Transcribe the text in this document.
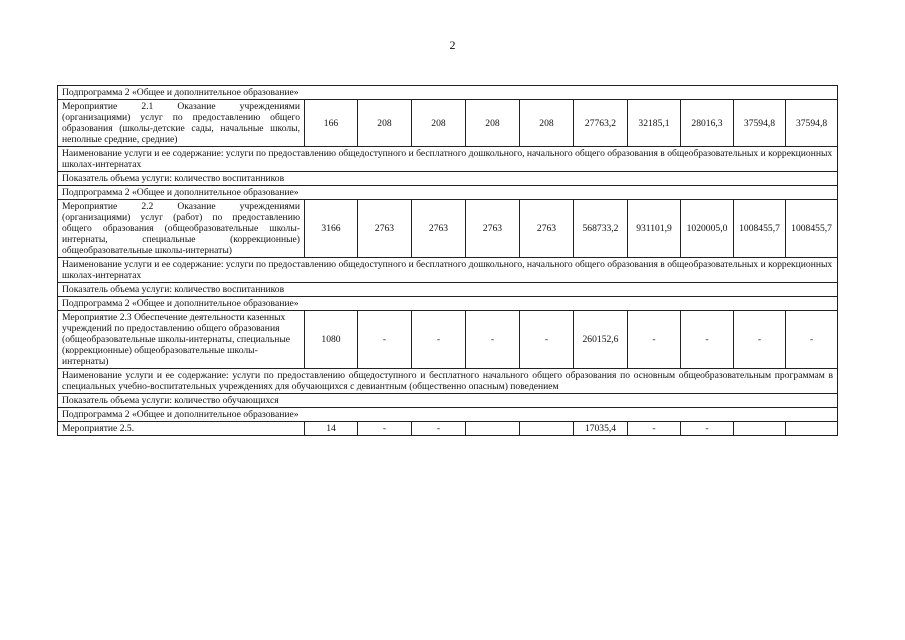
2
Подпрограмма 2 «Общее и дополнительное образование»										
Мероприятие 2.1 Оказание учреждениями (организациями) услуг по предоставлению общего образования (школы-детские сады, начальные школы, неполные средние, средние)	166	208	208	208	208	27763,2	32185,1	28016,3	37594,8	37594,8
Наименование услуги и ее содержание: услуги по предоставлению общедоступного и бесплатного дошкольного, начального общего образования в общеобразовательных и коррекционных школах-интернатах										
Показатель объема услуги: количество воспитанников										
Подпрограмма 2 «Общее и дополнительное образование»										
Мероприятие 2.2 Оказание учреждениями (организациями) услуг (работ) по предоставлению общего образования (общеобразовательные школы-интернаты, специальные (коррекционные) общеобразовательные школы-интернаты)	3166	2763	2763	2763	2763	568733,2	931101,9	1020005,0	1008455,7	1008455,7
Наименование услуги и ее содержание: услуги по предоставлению общедоступного и бесплатного дошкольного, начального общего образования в общеобразовательных и коррекционных школах-интернатах										
Показатель объема услуги: количество воспитанников										
Подпрограмма 2 «Общее и дополнительное образование»										
Мероприятие 2.3 Обеспечение деятельности казенных учреждений по предоставлению общего образования (общеобразовательные школы-интернаты, специальные (коррекционные) общеобразовательные школы-интернаты)	1080	-	-	-	-	260152,6	-	-	-	-
Наименование услуги и ее содержание: услуги по предоставлению общедоступного и бесплатного начального общего образования по основным общеобразовательным программам в специальных учебно-воспитательных учреждениях для обучающихся с девиантным (общественно опасным) поведением										
Показатель объема услуги: количество обучающихся										
Подпрограмма 2 «Общее и дополнительное образование»										
Мероприятие 2.5.	14	-	-			17035,4	-	-		
